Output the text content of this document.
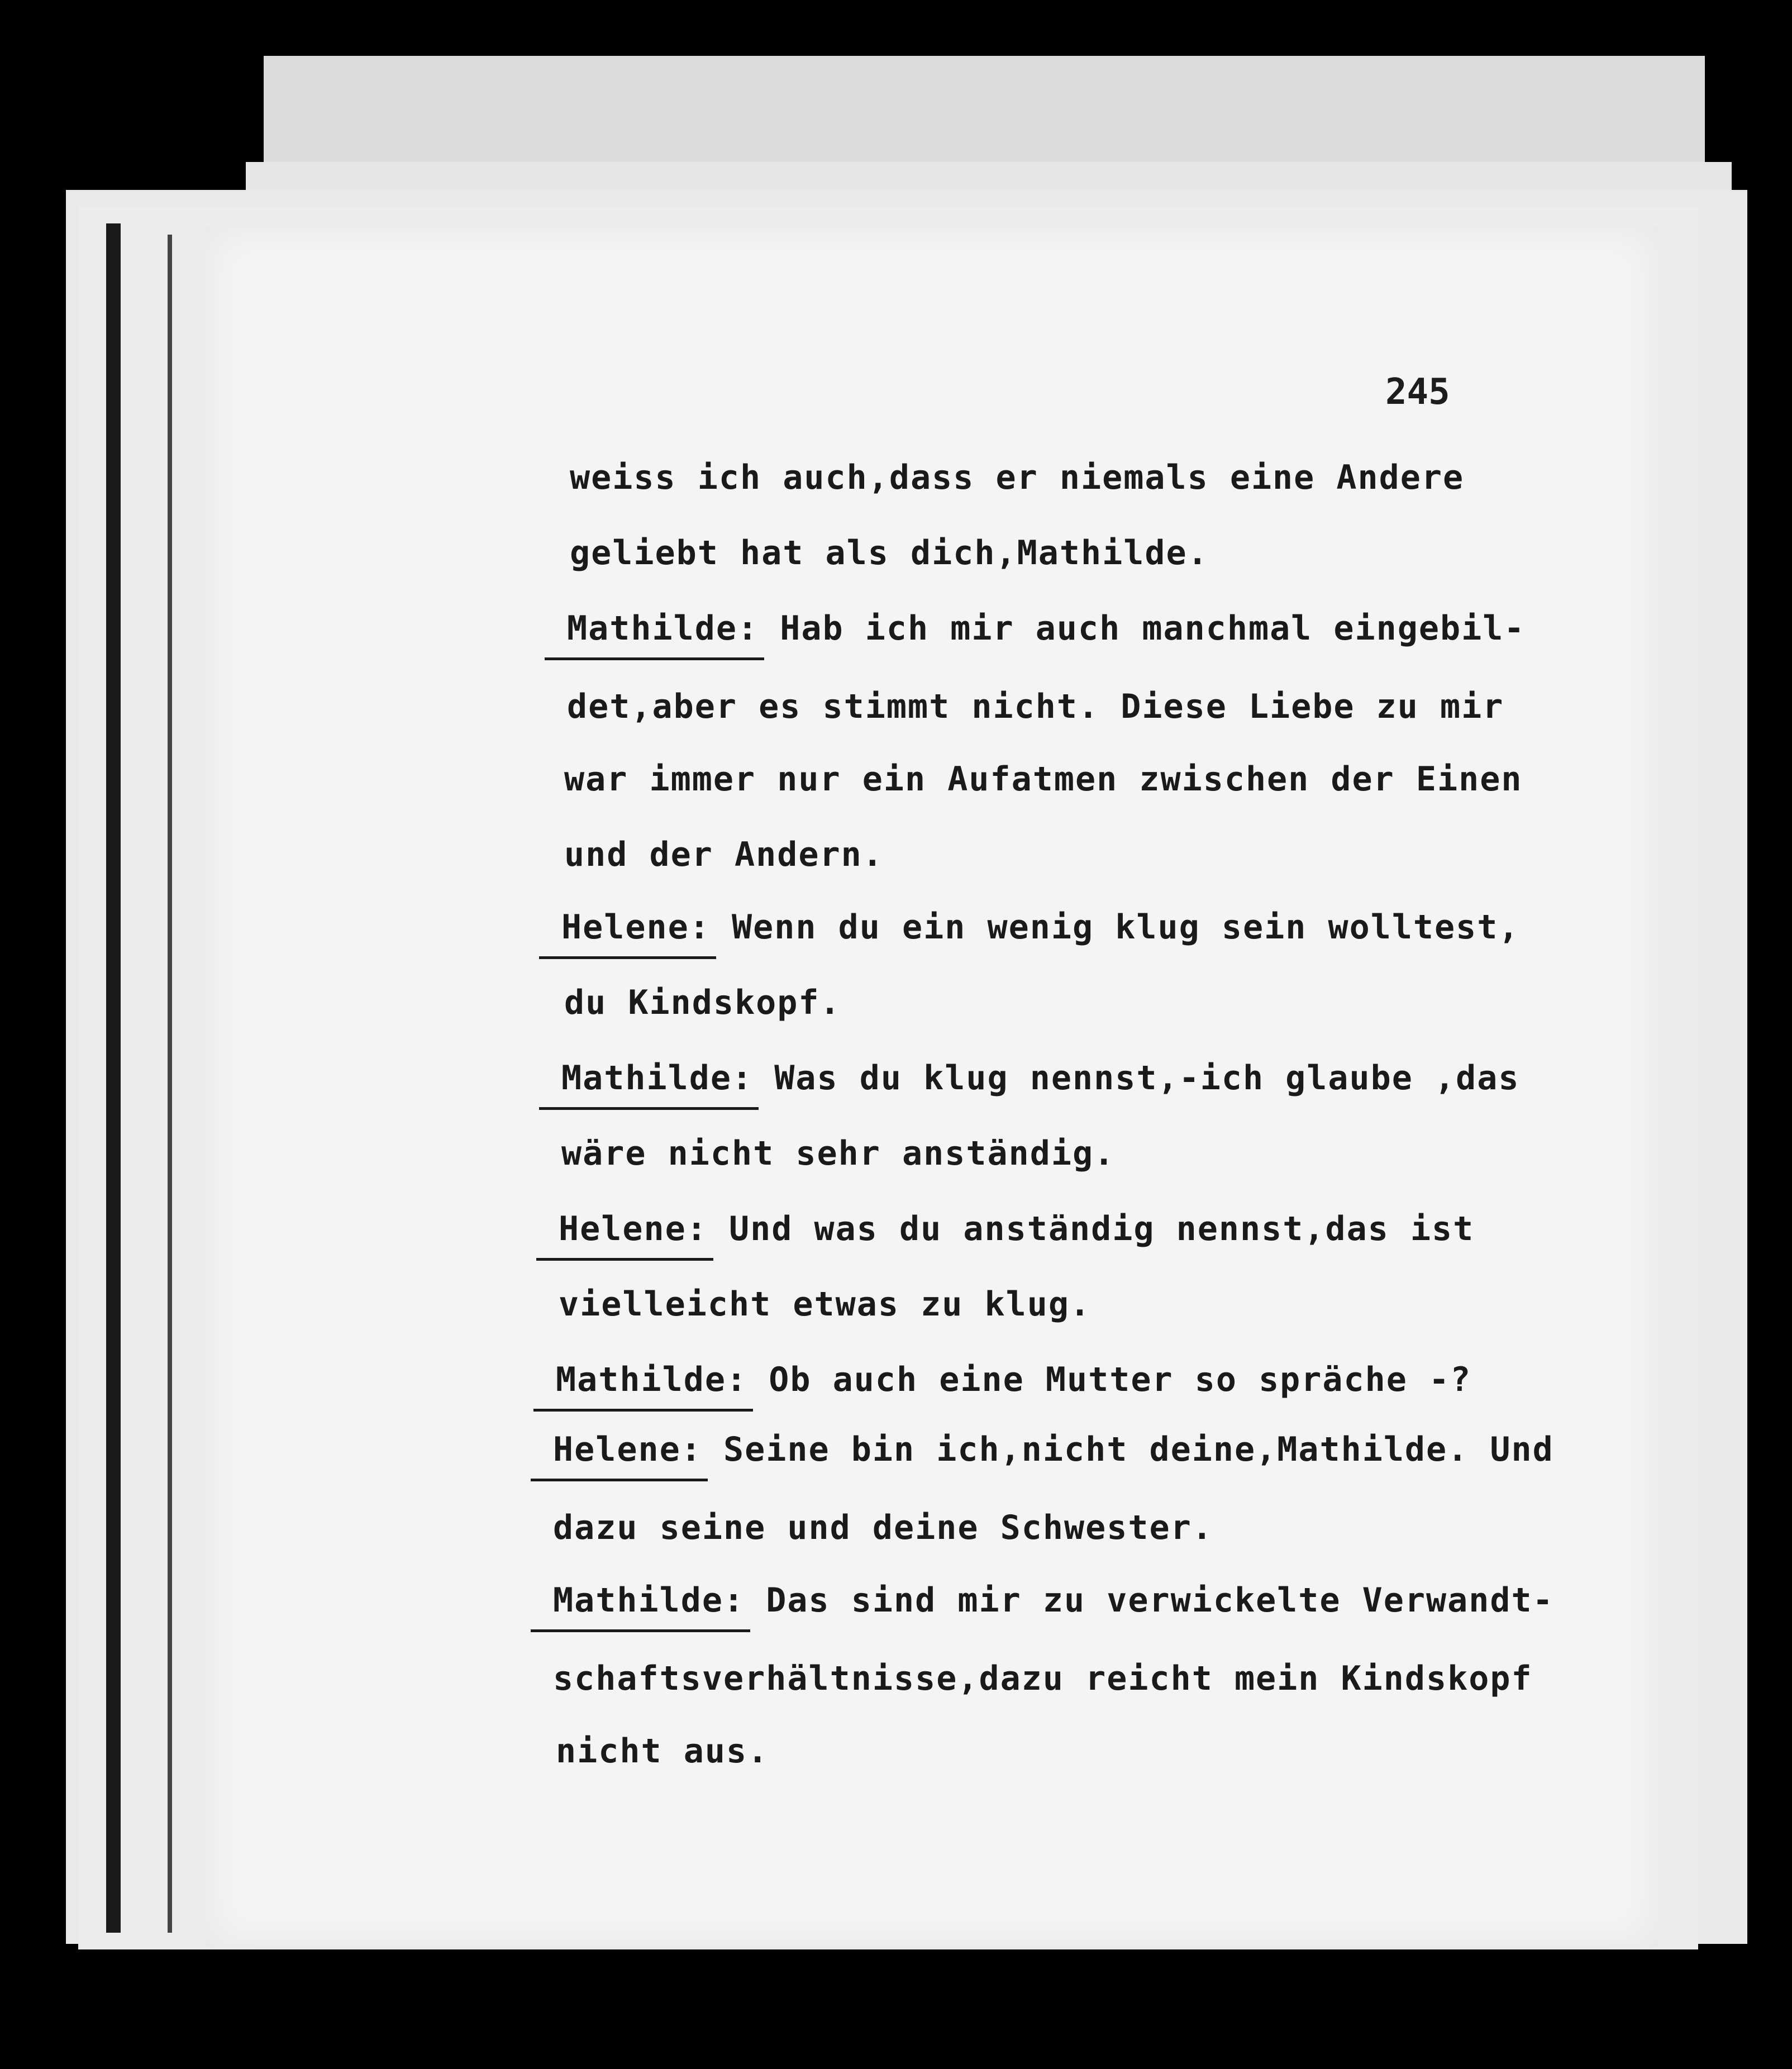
245
weiss ich auch,dass er niemals eine Andere
geliebt hat als dich,Mathilde.
Mathilde:
Hab ich mir auch manchmal eingebil-
det,aber es stimmt nicht. Diese Liebe zu mir
war immer nur ein Aufatmen zwischen der Einen
und der Andern.
Helene:
Wenn du ein wenig klug sein wolltest,
du Kindskopf.
Mathilde:
Was du klug nennst,-ich glaube ,das
wäre nicht sehr anständig.
Helene:
Und was du anständig nennst,das ist
vielleicht etwas zu klug.
Mathilde:
Ob auch eine Mutter so spräche -?
Helene:
Seine bin ich,nicht deine,Mathilde. Und
dazu seine und deine Schwester.
Mathilde:
Das sind mir zu verwickelte Verwandt-
schaftsverhältnisse,dazu reicht mein Kindskopf
nicht aus.
